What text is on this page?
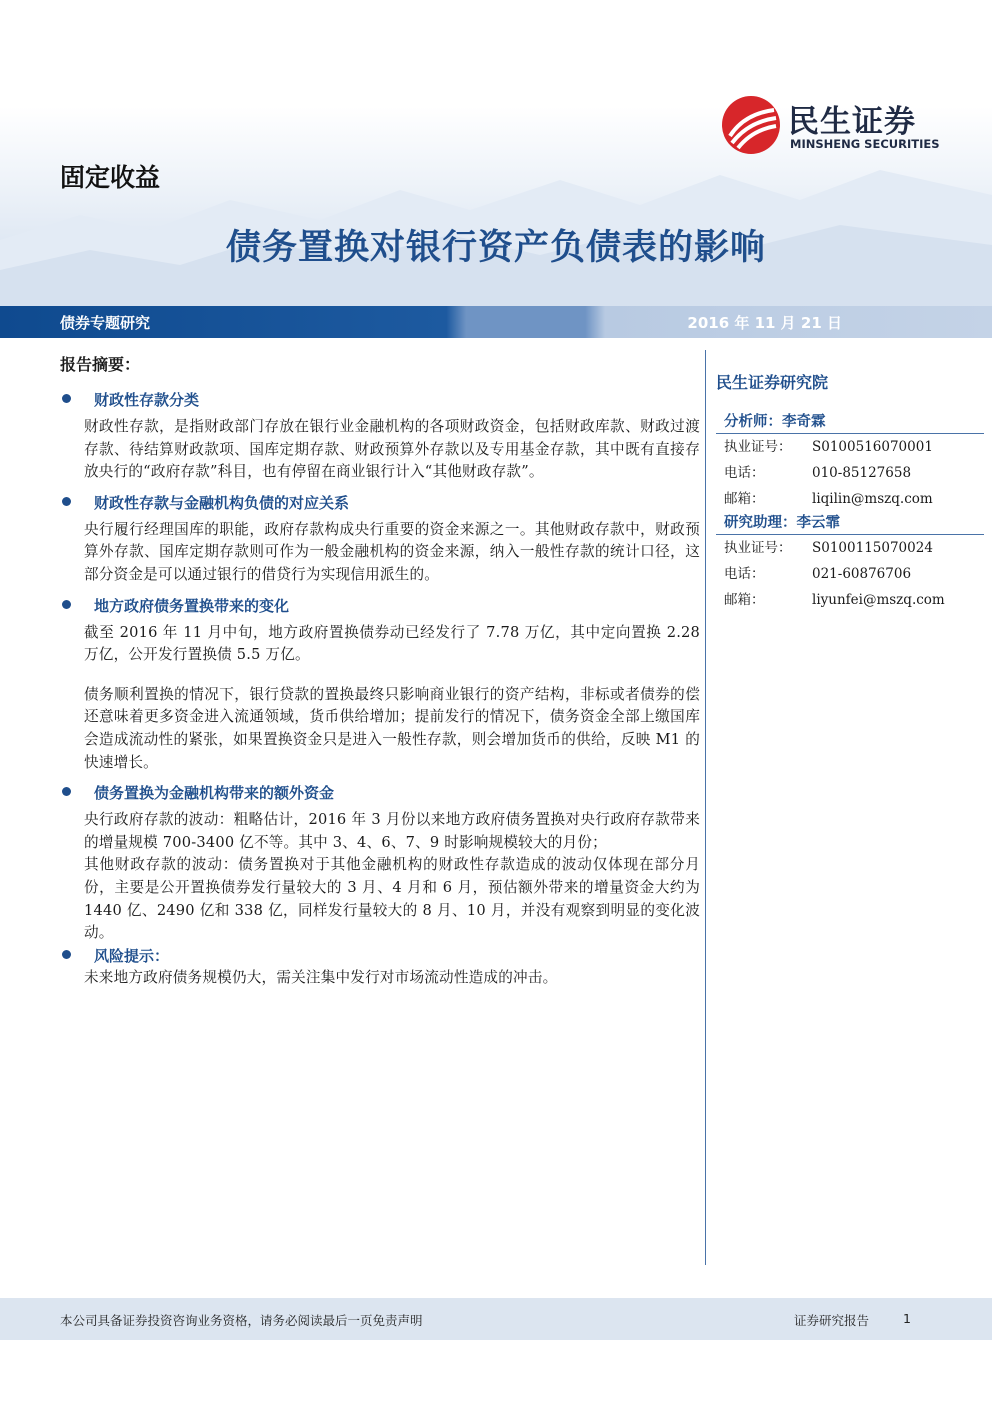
民生证券
MINSHENG SECURITIES
固定收益
债务置换对银行资产负债表的影响
债券专题研究	2016 年 11 月 21 日
报告摘要：
财政性存款分类
财政性存款，是指财政部门存放在银行业金融机构的各项财政资金，包括财政库款、财政过渡存款、待结算财政款项、国库定期存款、财政预算外存款以及专用基金存款，其中既有直接存放央行的“政府存款”科目，也有停留在商业银行计入“其他财政存款”。
财政性存款与金融机构负债的对应关系
央行履行经理国库的职能，政府存款构成央行重要的资金来源之一。其他财政存款中，财政预算外存款、国库定期存款则可作为一般金融机构的资金来源，纳入一般性存款的统计口径，这部分资金是可以通过银行的借贷行为实现信用派生的。
地方政府债务置换带来的变化
截至 2016 年 11 月中旬，地方政府置换债券动已经发行了 7.78 万亿，其中定向置换 2.28 万亿，公开发行置换债 5.5 万亿。
债务顺利置换的情况下，银行贷款的置换最终只影响商业银行的资产结构，非标或者债券的偿还意味着更多资金进入流通领域，货币供给增加；提前发行的情况下，债务资金全部上缴国库会造成流动性的紧张，如果置换资金只是进入一般性存款，则会增加货币的供给，反映 M1 的快速增长。
债务置换为金融机构带来的额外资金
央行政府存款的波动：粗略估计，2016 年 3 月份以来地方政府债务置换对央行政府存款带来的增量规模 700-3400 亿不等。其中 3、4、6、7、9 时影响规模较大的月份；
其他财政存款的波动：债务置换对于其他金融机构的财政性存款造成的波动仅体现在部分月份，主要是公开置换债券发行量较大的 3 月、4 月和 6 月，预估额外带来的增量资金大约为 1440 亿、2490 亿和 338 亿，同样发行量较大的 8 月、10 月，并没有观察到明显的变化波动。
风险提示：
未来地方政府债务规模仍大，需关注集中发行对市场流动性造成的冲击。
民生证券研究院
分析师：李奇霖
执业证号： S0100516070001
电话：	010-85127658
邮箱：	liqilin@mszq.com
研究助理：李云霏
执业证号： S0100115070024
电话：	021-60876706
邮箱：	liyunfei@mszq.com
本公司具备证券投资咨询业务资格，请务必阅读最后一页免责声明	证券研究报告	1
